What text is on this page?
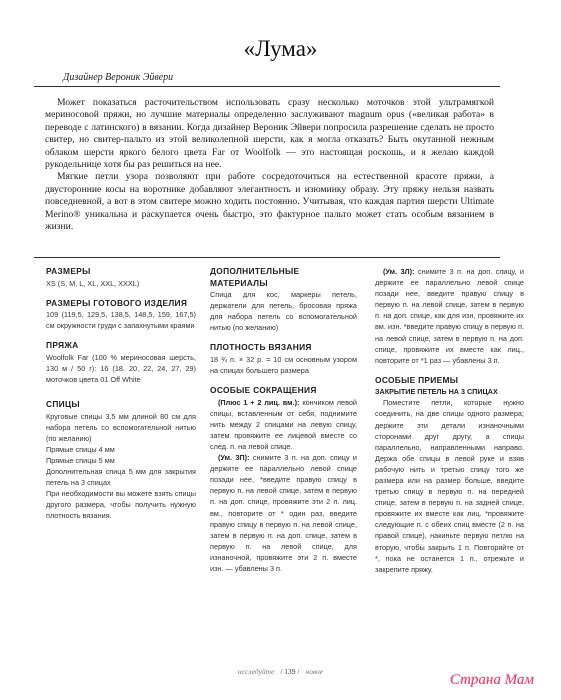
«Лума»
Дизайнер Вероник Эйвери

Может показаться расточительством использовать сразу несколько моточков этой ультрамягкой мериносовой пряжи, но лучшие материалы определенно заслуживают magnum opus («великая работа» в переводе с латинского) в вязании. Когда дизайнер Вероник Эйвери попросила разрешение сделать не просто свитер, но свитер-пальто из этой великолепной шерсти, как я могла отказать? Быть окутанной нежным облаком шерсти яркого белого цвета Far от Woolfolk — это настоящая роскошь, и я желаю каждой рукодельнице хотя бы раз решиться на нее.

Мягкие петли узора позволяют при работе сосредоточиться на естественной красоте пряжи, а двусторонние косы на воротнике добавляют элегантность и изюминку образу. Эту пряжу нельзя назвать повседневной, а вот в этом свитере можно ходить постоянно. Учитывая, что каждая партия шерсти Ultimate Merino® уникальна и раскупается очень быстро, это фактурное пальто может стать особым вязанием в жизни.

РАЗМЕРЫ
XS (S, M, L, XL, XXL, XXXL)
РАЗМЕРЫ ГОТОВОГО ИЗДЕЛИЯ
109 (119,5, 129,5, 138,5, 148,5, 159, 167,5) см окружности груди с запахнутыми краями
ПРЯЖА
Woolfolk Far (100 % мериносовая шерсть, 130 м / 50 г): 16 (18, 20, 22, 24, 27, 29) моточков цвета 01 Off White
СПИЦЫ
Круговые спицы 3,5 мм длиной 80 см для набора петель со вспомогательной нитью (по желанию)
Прямые спицы 4 мм
Прямые спицы 5 мм
Дополнительная спица 5 мм для закрытия петель на 3 спицах
При необходимости вы можете взять спицы другого размера, чтобы получить нужную плотность вязания.
ДОПОЛНИТЕЛЬНЫЕ МАТЕРИАЛЫ
Спица для кос, маркеры петель, держатели для петель, бросовая пряжа для набора петель со вспомогательной нитью (по желанию)
ПЛОТНОСТЬ ВЯЗАНИЯ
18 ¾ п. × 32 р. = 10 см основным узором на спицах большего размера
ОСОБЫЕ СОКРАЩЕНИЯ
(Плюс 1 + 2 лиц. вм.): кончиком левой спицы, вставленным от себя, поднимите нить между 2 спицами на левую спицу, затем провяжите ее лицевой вместе со след. п. на левой спице.
(Ум. 3П): снимите 3 п. на доп. спицу и держите ее параллельно левой спице позади нее, *введите правую спицу в первую п. на левой спице, затем в первую п. на доп. спице, провяжите эти 2 п. лиц. вм., повторите от * один раз, введите правую спицу в первую п. на левой спице, затем в первую п. на доп. спице, затем в первую п. на левой спице, для изнаночной, провяжите эти 2 п. вместе изн. — убавлены 3 п.
(Ум. 3Л): снимите 3 п. на доп. спицу, и держите ее параллельно левой спице позади нее, введите правую спицу в первую п. на левой спице, затем в первую п. на доп. спице, как для изн, провяжите их вм. изн. *введите правую спицу в первую п. на левой спице, затем в первую п. на доп. спице, провяжите их вместе как лиц., повторите от *1 раз — убавлены 3 п.
ОСОБЫЕ ПРИЕМЫ
ЗАКРЫТИЕ ПЕТЕЛЬ НА 3 СПИЦАХ
Поместите петли, которые нужно соединить, на две спицы одного размера; держите эти детали изнаночными сторонами друг другу, а спицы параллельно, направленными направо. Держа обе спицы в левой руке и взяв рабочую нить и третью спицу того же размера или на размер больше, введите третью спицу в первую п. на передней спице, затем в первую п. на задней спице, провяжите их вместе как лиц. *провяжите следующие п. с обеих спиц вместе (2 п. на правой спице), накиньте первую петлю на вторую, чтобы закрыть 1 п. Повторяйте от *, пока не останется 1 п., отрежьте и закрепите пряжу.
исследуйте / 139 / новое
Страна Мам
